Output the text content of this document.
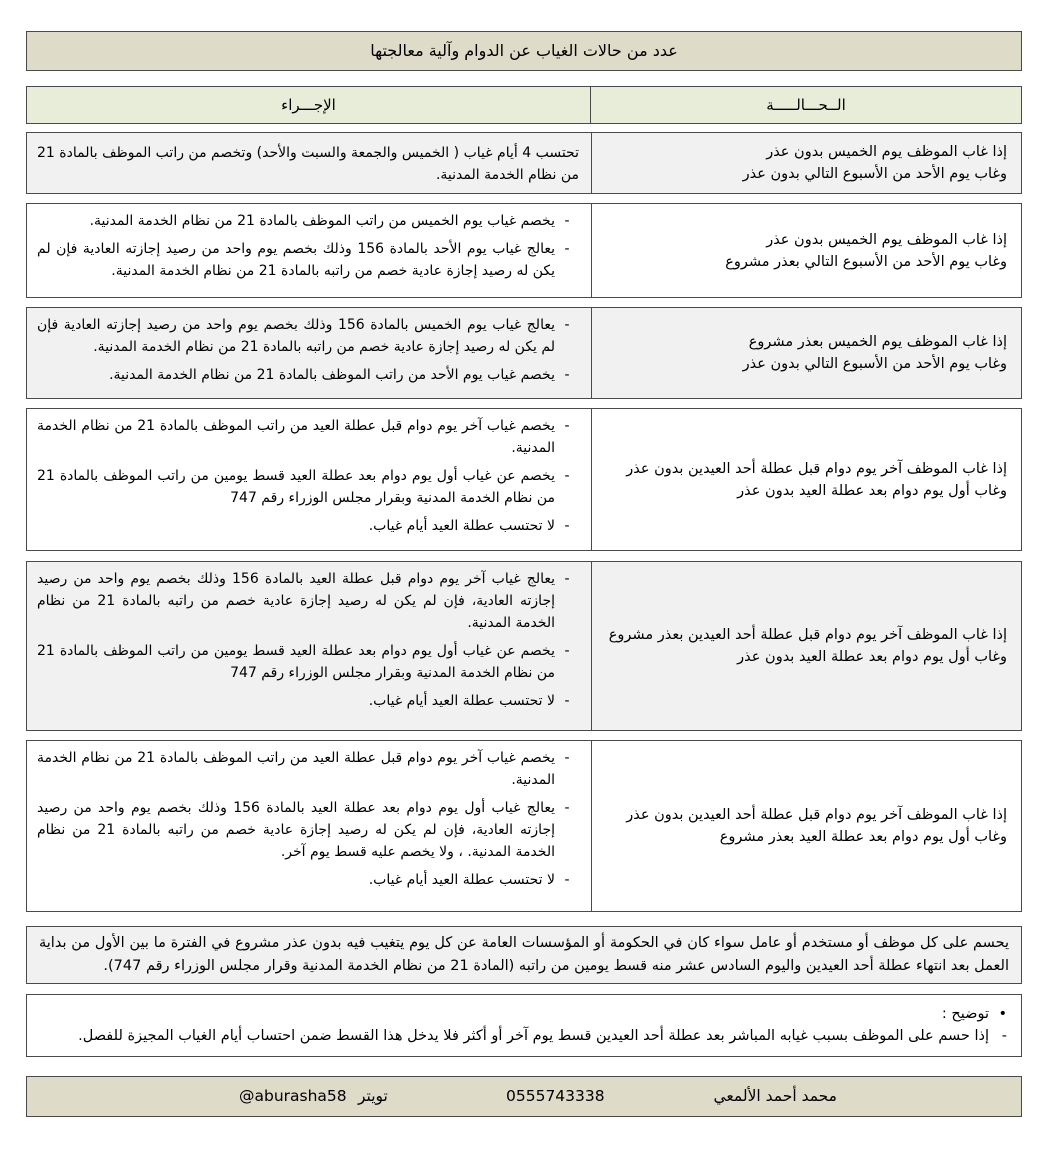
عدد من حالات الغياب عن الدوام وآلية معالجتها
الــحـــالـــــة
الإجـــراء
إذا غاب الموظف يوم الخميس بدون عذر
وغاب يوم الأحد من الأسبوع التالي بدون عذر
تحتسب 4 أيام غياب ( الخميس والجمعة والسبت والأحد) وتخصم من راتب الموظف بالمادة 21 من نظام الخدمة المدنية.
إذا غاب الموظف يوم الخميس بدون عذر
وغاب يوم الأحد من الأسبوع التالي بعذر مشروع
-
يخصم غياب يوم الخميس من راتب الموظف بالمادة 21 من نظام الخدمة المدنية.
-
يعالج غياب يوم الأحد بالمادة 156 وذلك بخصم يوم واحد من رصيد إجازته العادية فإن لم يكن له رصيد إجازة عادية خصم من راتبه بالمادة 21 من نظام الخدمة المدنية.
إذا غاب الموظف يوم الخميس بعذر مشروع
وغاب يوم الأحد من الأسبوع التالي بدون عذر
-
يعالج غياب يوم الخميس بالمادة 156 وذلك بخصم يوم واحد من رصيد إجازته العادية فإن لم يكن له رصيد إجازة عادية خصم من راتبه بالمادة 21 من نظام الخدمة المدنية.
-
يخصم غياب يوم الأحد من راتب الموظف بالمادة 21 من نظام الخدمة المدنية.
إذا غاب الموظف آخر يوم دوام قبل عطلة أحد العيدين بدون عذر
وغاب أول يوم دوام بعد عطلة العيد بدون عذر
-
يخصم غياب آخر يوم دوام قبل عطلة العيد من راتب الموظف بالمادة 21 من نظام الخدمة المدنية.
-
يخصم عن غياب أول يوم دوام بعد عطلة العيد قسط يومين من راتب الموظف بالمادة 21 من نظام الخدمة المدنية وبقرار مجلس الوزراء رقم 747
-
لا تحتسب عطلة العيد أيام غياب.
إذا غاب الموظف آخر يوم دوام قبل عطلة أحد العيدين بعذر مشروع
وغاب أول يوم دوام بعد عطلة العيد بدون عذر
-
يعالج غياب آخر يوم دوام قبل عطلة العيد بالمادة 156 وذلك بخصم يوم واحد من رصيد إجازته العادية، فإن لم يكن له رصيد إجازة عادية خصم من راتبه بالمادة 21 من نظام الخدمة المدنية.
-
يخصم عن غياب أول يوم دوام بعد عطلة العيد قسط يومين من راتب الموظف بالمادة 21 من نظام الخدمة المدنية وبقرار مجلس الوزراء رقم 747
-
لا تحتسب عطلة العيد أيام غياب.
إذا غاب الموظف آخر يوم دوام قبل عطلة أحد العيدين بدون عذر
وغاب أول يوم دوام بعد عطلة العيد بعذر مشروع
-
يخصم غياب آخر يوم دوام قبل عطلة العيد من راتب الموظف بالمادة 21 من نظام الخدمة المدنية.
-
يعالج غياب أول يوم دوام بعد عطلة العيد بالمادة 156 وذلك بخصم يوم واحد من رصيد إجازته العادية، فإن لم يكن له رصيد إجازة عادية خصم من راتبه بالمادة 21 من نظام الخدمة المدنية. ، ولا يخصم عليه قسط يوم آخر.
-
لا تحتسب عطلة العيد أيام غياب.
يحسم على كل موظف أو مستخدم أو عامل سواء كان في الحكومة أو المؤسسات العامة عن كل يوم يتغيب فيه بدون عذر مشروع في الفترة ما بين الأول من بداية العمل بعد انتهاء عطلة أحد العيدين واليوم السادس عشر منه قسط يومين من راتبه (المادة 21 من نظام الخدمة المدنية وقرار مجلس الوزراء رقم 747).
•
توضيح :
-
إذا حسم على الموظف بسبب غيابه المباشر بعد عطلة أحد العيدين قسط يوم آخر أو أكثر فلا يدخل هذا القسط ضمن احتساب أيام الغياب المجيزة للفصل.
محمد أحمد الألمعي
0555743338
تويتر
@aburasha58
